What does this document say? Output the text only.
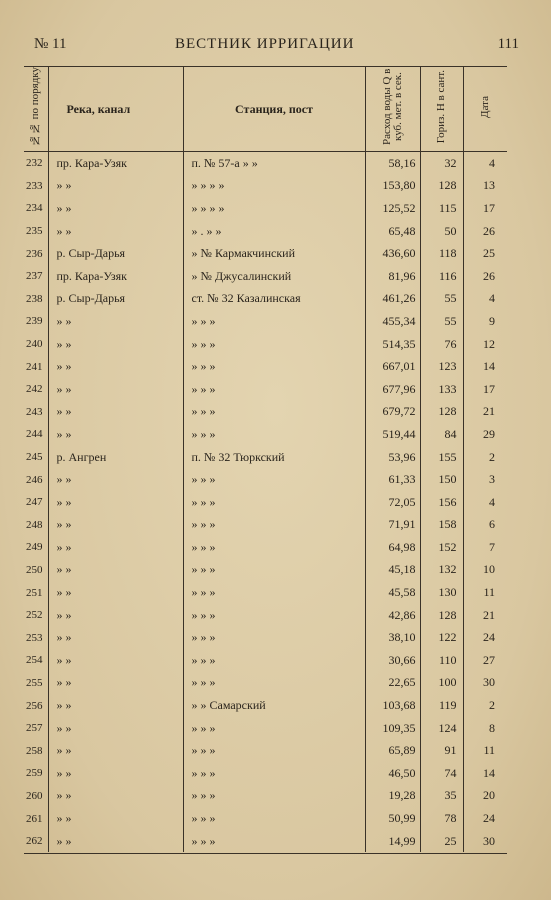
№ 11	ВЕСТНИК ИРРИГАЦИИ	111
№№ по порядку	Река, канал	Станция, пост	Расход воды Q в куб. мет. в сек.	Гориз. H в сант.	Дата
232	пр. Кара-Узяк	п. № 57-а » »	58,16	32	4
233	» »	» » » »	153,80	128	13
234	» »	» » » »	125,52	115	17
235	» »	» . » »	65,48	50	26
236	р. Сыр-Дарья	» № Кармакчинский	436,60	118	25
237	пр. Кара-Узяк	» № Джусалинский	81,96	116	26
238	р. Сыр-Дарья	ст. № 32 Казалинская	461,26	55	4
239	» »	» » »	455,34	55	9
240	» »	» » »	514,35	76	12
241	» »	» » »	667,01	123	14
242	» »	» » »	677,96	133	17
243	» »	» » »	679,72	128	21
244	» »	» » »	519,44	84	29
245	р. Ангрен	п. № 32 Тюркский	53,96	155	2
246	» »	» » »	61,33	150	3
247	» »	» » »	72,05	156	4
248	» »	» » »	71,91	158	6
249	» »	» » »	64,98	152	7
250	» »	» » »	45,18	132	10
251	» »	» » »	45,58	130	11
252	» »	» » »	42,86	128	21
253	» »	» » »	38,10	122	24
254	» »	» » »	30,66	110	27
255	» »	» » »	22,65	100	30
256	» »	» » Самарский	103,68	119	2
257	» »	» » »	109,35	124	8
258	» »	» » »	65,89	91	11
259	» »	» » »	46,50	74	14
260	» »	» » »	19,28	35	20
261	» »	» » »	50,99	78	24
262	» »	» » »	14,99	25	30
